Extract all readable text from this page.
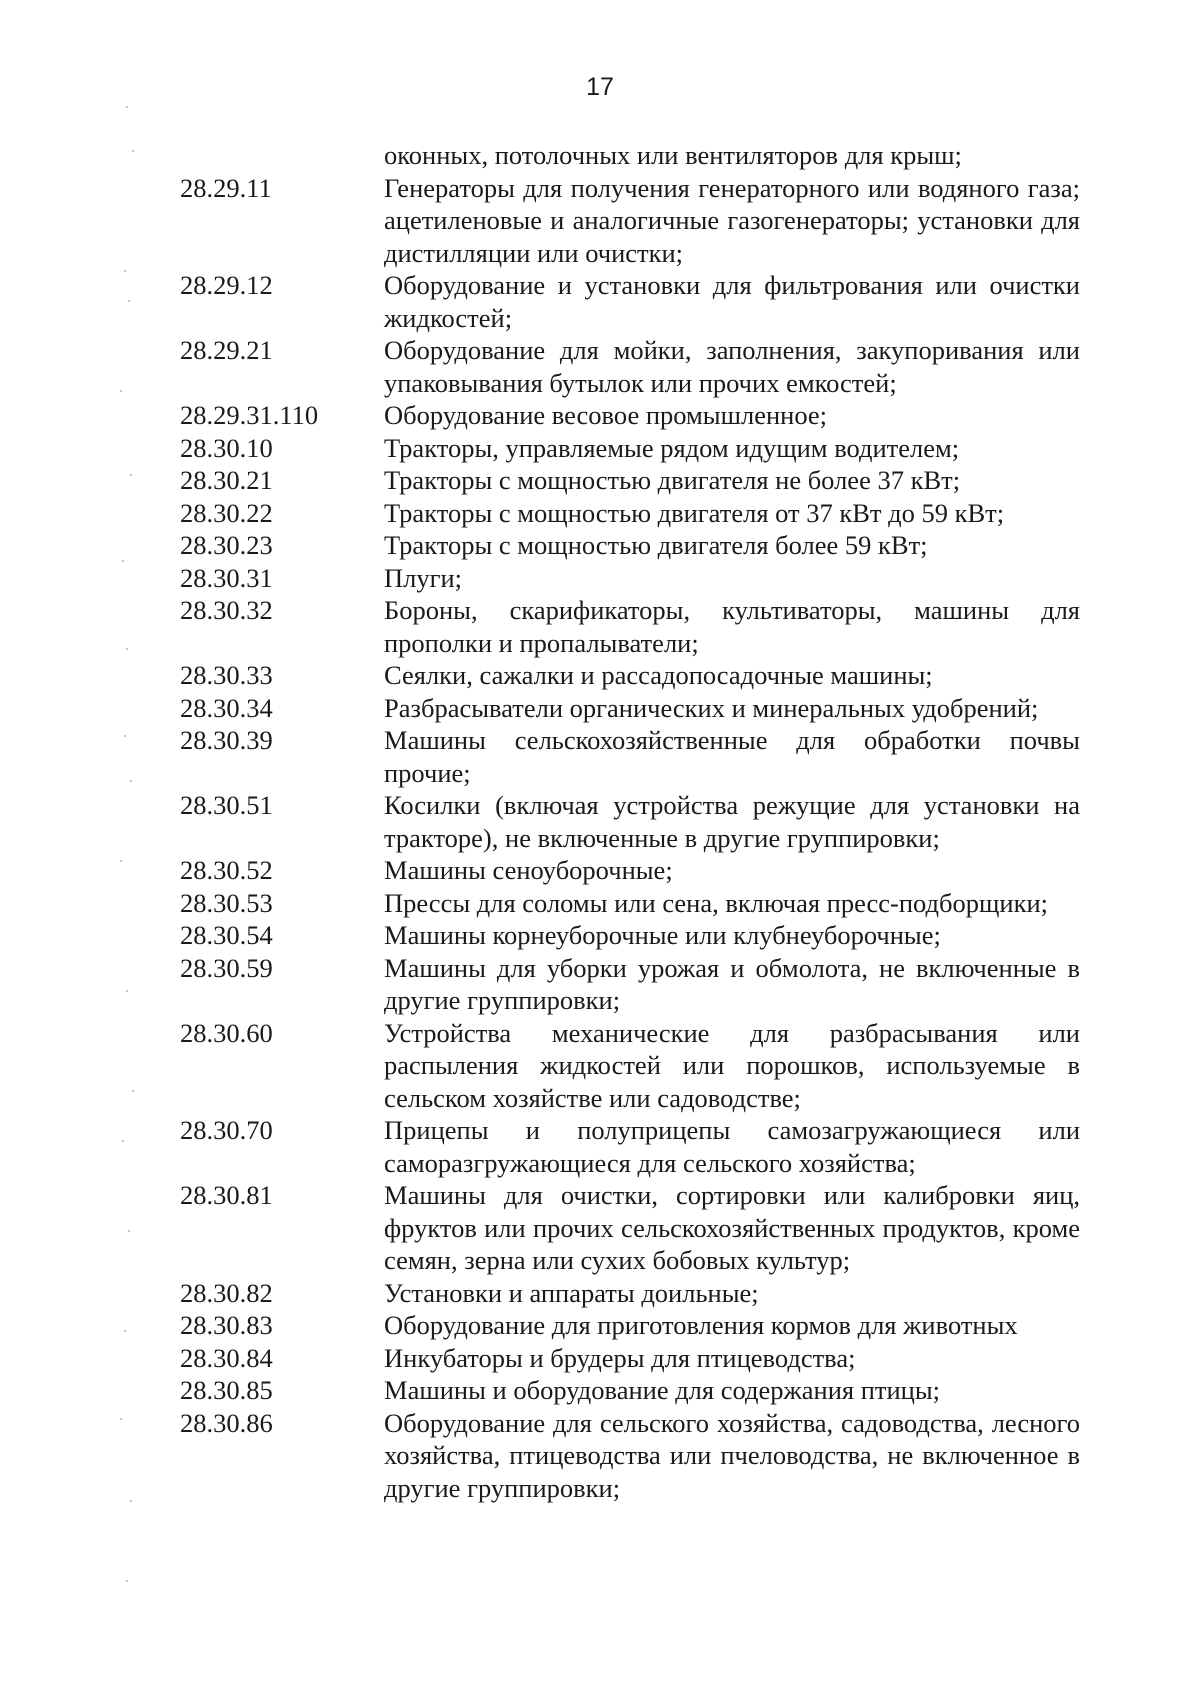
17
оконных, потолочных или вентиляторов для крыш;
28.29.11	Генераторы для получения генераторного или водяного газа; ацетиленовые и аналогичные газогенераторы; установки для дистилляции или очистки;
28.29.12	Оборудование и установки для фильтрования или очистки жидкостей;
28.29.21	Оборудование для мойки, заполнения, закупоривания или упаковывания бутылок или прочих емкостей;
28.29.31.110	Оборудование весовое промышленное;
28.30.10	Тракторы, управляемые рядом идущим водителем;
28.30.21	Тракторы с мощностью двигателя не более 37 кВт;
28.30.22	Тракторы с мощностью двигателя от 37 кВт до 59 кВт;
28.30.23	Тракторы с мощностью двигателя более 59 кВт;
28.30.31	Плуги;
28.30.32	Бороны, скарификаторы, культиваторы, машины для прополки и пропалыватели;
28.30.33	Сеялки, сажалки и рассадопосадочные машины;
28.30.34	Разбрасыватели органических и минеральных удобрений;
28.30.39	Машины сельскохозяйственные для обработки почвы прочие;
28.30.51	Косилки (включая устройства режущие для установки на тракторе), не включенные в другие группировки;
28.30.52	Машины сеноуборочные;
28.30.53	Прессы для соломы или сена, включая пресс-подборщики;
28.30.54	Машины корнеуборочные или клубнеуборочные;
28.30.59	Машины для уборки урожая и обмолота, не включенные в другие группировки;
28.30.60	Устройства механические для разбрасывания или распыления жидкостей или порошков, используемые в сельском хозяйстве или садоводстве;
28.30.70	Прицепы и полуприцепы самозагружающиеся или саморазгружающиеся для сельского хозяйства;
28.30.81	Машины для очистки, сортировки или калибровки яиц, фруктов или прочих сельскохозяйственных продуктов, кроме семян, зерна или сухих бобовых культур;
28.30.82	Установки и аппараты доильные;
28.30.83	Оборудование для приготовления кормов для животных
28.30.84	Инкубаторы и брудеры для птицеводства;
28.30.85	Машины и оборудование для содержания птицы;
28.30.86	Оборудование для сельского хозяйства, садоводства, лесного хозяйства, птицеводства или пчеловодства, не включенное в другие группировки;
